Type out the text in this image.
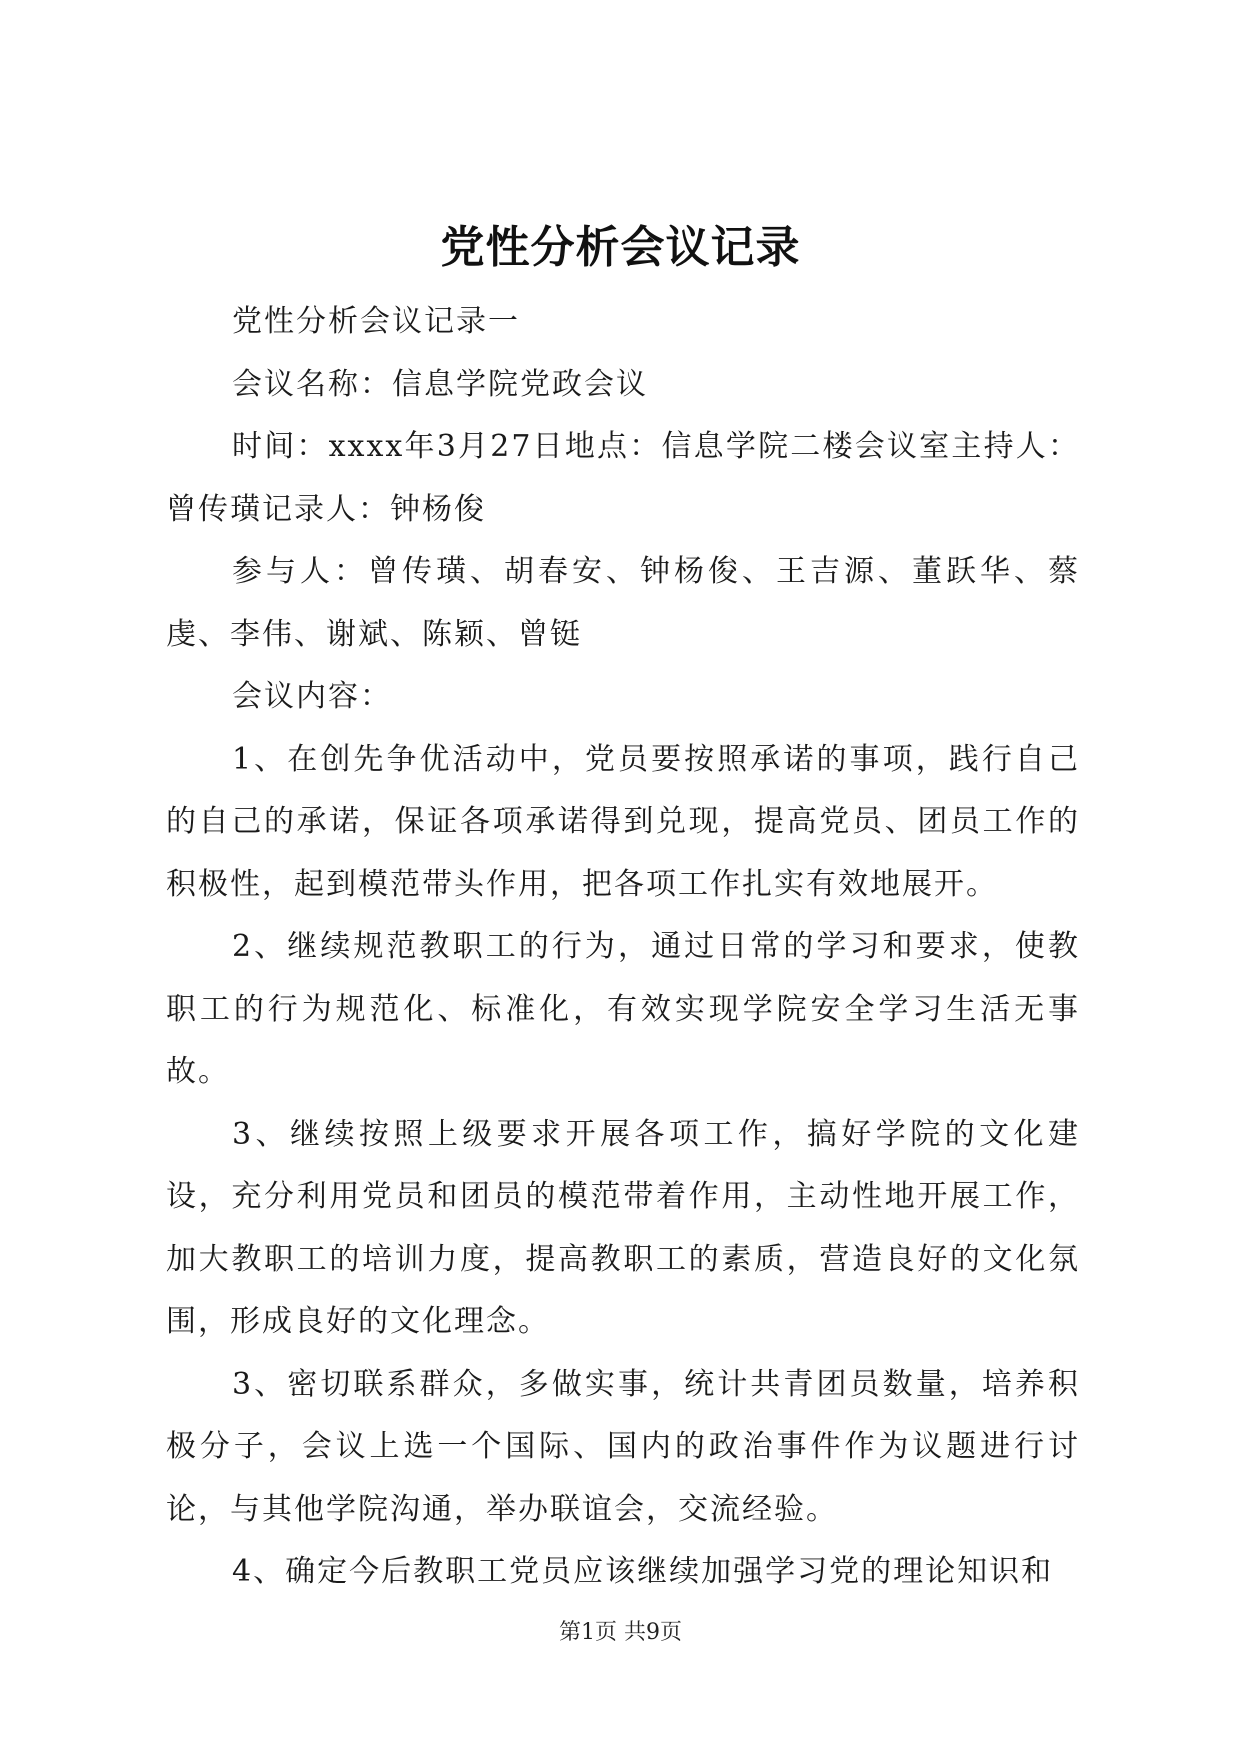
党性分析会议记录

党性分析会议记录一

会议名称：信息学院党政会议

时间：xxxx年3月27日地点：信息学院二楼会议室主持人：曾传璜记录人：钟杨俊

参与人：曾传璜、胡春安、钟杨俊、王吉源、董跃华、蔡虔、李伟、谢斌、陈颖、曾铤

会议内容：

1、在创先争优活动中，党员要按照承诺的事项，践行自己的自己的承诺，保证各项承诺得到兑现，提高党员、团员工作的积极性，起到模范带头作用，把各项工作扎实有效地展开。

2、继续规范教职工的行为，通过日常的学习和要求，使教职工的行为规范化、标准化，有效实现学院安全学习生活无事故。

3、继续按照上级要求开展各项工作，搞好学院的文化建设，充分利用党员和团员的模范带着作用，主动性地开展工作，加大教职工的培训力度，提高教职工的素质，营造良好的文化氛围，形成良好的文化理念。

3、密切联系群众，多做实事，统计共青团员数量，培养积极分子，会议上选一个国际、国内的政治事件作为议题进行讨论，与其他学院沟通，举办联谊会，交流经验。

4、确定今后教职工党员应该继续加强学习党的理论知识和

第1页 共9页
